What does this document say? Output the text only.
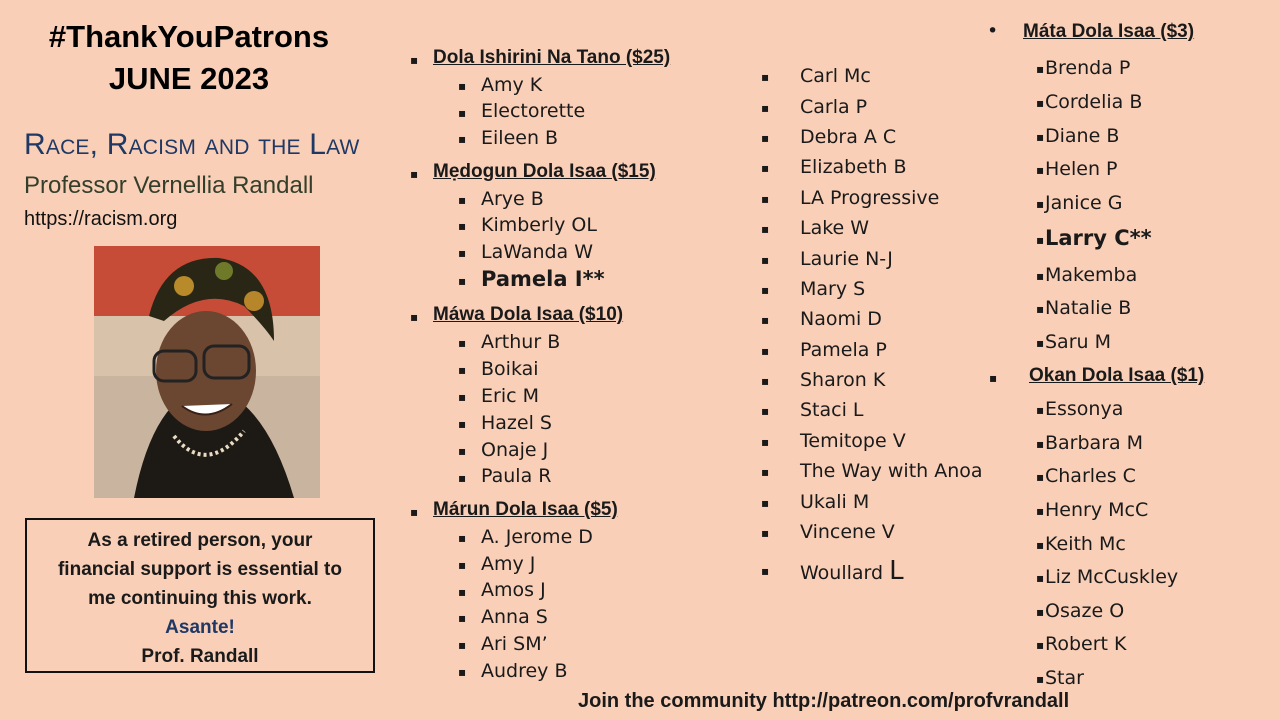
#ThankYouPatrons
JUNE 2023
Race, Racism and the Law
Professor Vernellia Randall
https://racism.org
As a retired person, your
financial support is essential to
me continuing this work.
Asante!
Prof. Randall
▪ Dola Ishirini Na Tano ($25)
▪ Amy K
▪ Electorette
▪ Eileen B
▪ Mẹdogun Dola Isaa ($15)
▪ Arye B
▪ Kimberly OL
▪ LaWanda W
▪ Pamela I**
▪ Máwa Dola Isaa ($10)
▪ Arthur B
▪ Boikai
▪ Eric M
▪ Hazel S
▪ Onaje J
▪ Paula R
▪ Márun Dola Isaa ($5)
▪ A. Jerome D
▪ Amy J
▪ Amos J
▪ Anna S
▪ Ari SM’
▪ Audrey B
▪ Carl Mc
▪ Carla P
▪ Debra A C
▪ Elizabeth B
▪ LA Progressive
▪ Lake W
▪ Laurie N-J
▪ Mary S
▪ Naomi D
▪ Pamela P
▪ Sharon K
▪ Staci L
▪ Temitope V
▪ The Way with Anoa
▪ Ukali M
▪ Vincene V
▪ Woullard L
• Máta Dola Isaa ($3)
▪ Brenda P
▪ Cordelia B
▪ Diane B
▪ Helen P
▪ Janice G
▪ Larry C**
▪ Makemba
▪ Natalie B
▪ Saru M
▪ Okan Dola Isaa ($1)
▪ Essonya
▪ Barbara M
▪ Charles C
▪ Henry McC
▪ Keith Mc
▪ Liz McCuskley
▪ Osaze O
▪ Robert K
▪ Star
Join the community http://patreon.com/profvrandall
